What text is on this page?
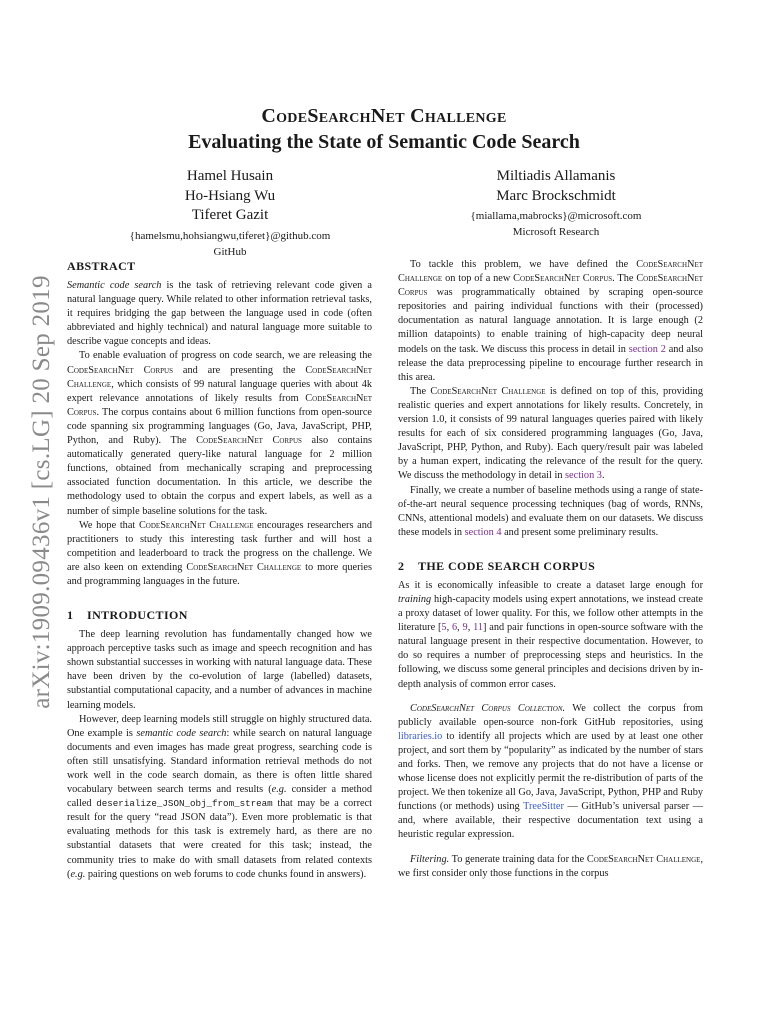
arXiv:1909.09436v1 [cs.LG] 20 Sep 2019
CodeSearchNet Challenge
Evaluating the State of Semantic Code Search
Hamel Husain
Ho-Hsiang Wu
Tiferet Gazit
{hamelsmu,hohsiangwu,tiferet}@github.com
GitHub
Miltiadis Allamanis
Marc Brockschmidt
{miallama,mabrocks}@microsoft.com
Microsoft Research
ABSTRACT

Semantic code search is the task of retrieving relevant code given a natural language query. While related to other information retrieval tasks, it requires bridging the gap between the language used in code (often abbreviated and highly technical) and natural language more suitable to describe vague concepts and ideas.

To enable evaluation of progress on code search, we are releasing the CodeSearchNet Corpus and are presenting the CodeSearchNet Challenge, which consists of 99 natural language queries with about 4k expert relevance annotations of likely results from CodeSearchNet Corpus. The corpus contains about 6 million functions from open-source code spanning six programming languages (Go, Java, JavaScript, PHP, Python, and Ruby). The CodeSearchNet Corpus also contains automatically generated query-like natural language for 2 million functions, obtained from mechanically scraping and preprocessing associated function documentation. In this article, we describe the methodology used to obtain the corpus and expert labels, as well as a number of simple baseline solutions for the task.

We hope that CodeSearchNet Challenge encourages researchers and practitioners to study this interesting task further and will host a competition and leaderboard to track the progress on the challenge. We are also keen on extending CodeSearchNet Challenge to more queries and programming languages in the future.

1 INTRODUCTION

The deep learning revolution has fundamentally changed how we approach perceptive tasks such as image and speech recognition and has shown substantial successes in working with natural language data. These have been driven by the co-evolution of large (labelled) datasets, substantial computational capacity, and a number of advances in machine learning models.

However, deep learning models still struggle on highly structured data. One example is semantic code search: while search on natural language documents and even images has made great progress, searching code is often still unsatisfying. Standard information retrieval methods do not work well in the code search domain, as there is often little shared vocabulary between search terms and results (e.g. consider a method called deserialize_JSON_obj_from_stream that may be a correct result for the query “read JSON data”). Even more problematic is that evaluating methods for this task is extremely hard, as there are no substantial datasets that were created for this task; instead, the community tries to make do with small datasets from related contexts (e.g. pairing questions on web forums to code chunks found in answers).

To tackle this problem, we have defined the CodeSearchNet Challenge on top of a new CodeSearchNet Corpus. The CodeSearchNet Corpus was programmatically obtained by scraping open-source repositories and pairing individual functions with their (processed) documentation as natural language annotation. It is large enough (2 million datapoints) to enable training of high-capacity deep neural models on the task. We discuss this process in detail in section 2 and also release the data preprocessing pipeline to encourage further research in this area.

The CodeSearchNet Challenge is defined on top of this, providing realistic queries and expert annotations for likely results. Concretely, in version 1.0, it consists of 99 natural languages queries paired with likely results for each of six considered programming languages (Go, Java, JavaScript, PHP, Python, and Ruby). Each query/result pair was labeled by a human expert, indicating the relevance of the result for the query. We discuss the methodology in detail in section 3.

Finally, we create a number of baseline methods using a range of state-of-the-art neural sequence processing techniques (bag of words, RNNs, CNNs, attentional models) and evaluate them on our datasets. We discuss these models in section 4 and present some preliminary results.

2 THE CODE SEARCH CORPUS

As it is economically infeasible to create a dataset large enough for training high-capacity models using expert annotations, we instead create a proxy dataset of lower quality. For this, we follow other attempts in the literature [5, 6, 9, 11] and pair functions in open-source software with the natural language present in their respective documentation. However, to do so requires a number of preprocessing steps and heuristics. In the following, we discuss some general principles and decisions driven by in-depth analysis of common error cases.

CodeSearchNet Corpus Collection. We collect the corpus from publicly available open-source non-fork GitHub repositories, using libraries.io to identify all projects which are used by at least one other project, and sort them by “popularity” as indicated by the number of stars and forks. Then, we remove any projects that do not have a license or whose license does not explicitly permit the re-distribution of parts of the project. We then tokenize all Go, Java, JavaScript, Python, PHP and Ruby functions (or methods) using TreeSitter — GitHub’s universal parser — and, where available, their respective documentation text using a heuristic regular expression.

Filtering. To generate training data for the CodeSearchNet Challenge, we first consider only those functions in the corpus
